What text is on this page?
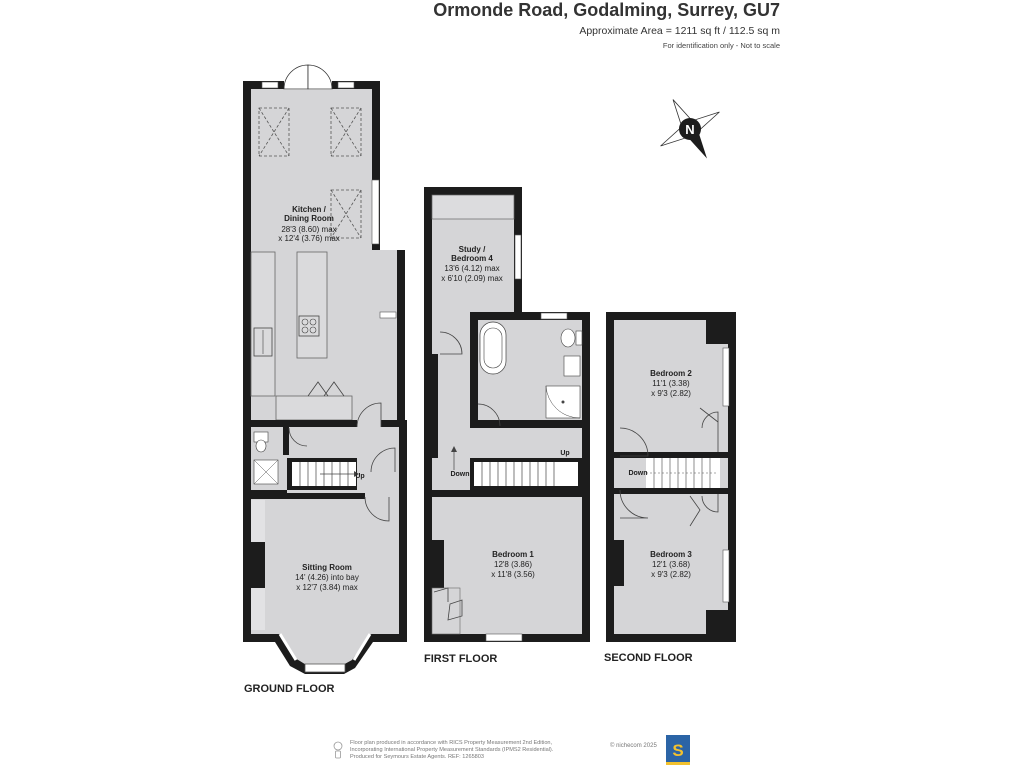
Ormonde Road, Godalming, Surrey, GU7
Approximate Area = 1211 sq ft / 112.5 sq m
For identification only - Not to scale
N
Kitchen /
Dining Room
28'3 (8.60) max
x 12'4 (3.76) max
Sitting Room
14' (4.26) into bay
x 12'7 (3.84) max
Study /
Bedroom 4
13'6 (4.12) max
x 6'10 (2.09) max
Bedroom 1
12'8 (3.86)
x 11'8 (3.56)
Bedroom 2
11'1 (3.38)
x 9'3 (2.82)
Bedroom 3
12'1 (3.68)
x 9'3 (2.82)
Up	Down
Up
Down
GROUND FLOOR
FIRST FLOOR	SECOND FLOOR
Floor plan produced in accordance with RICS Property Measurement 2nd Edition,
Incorporating International Property Measurement Standards (IPMS2 Residential).
Produced for Seymours Estate Agents. REF: 1265803
© nichecom 2025 S
